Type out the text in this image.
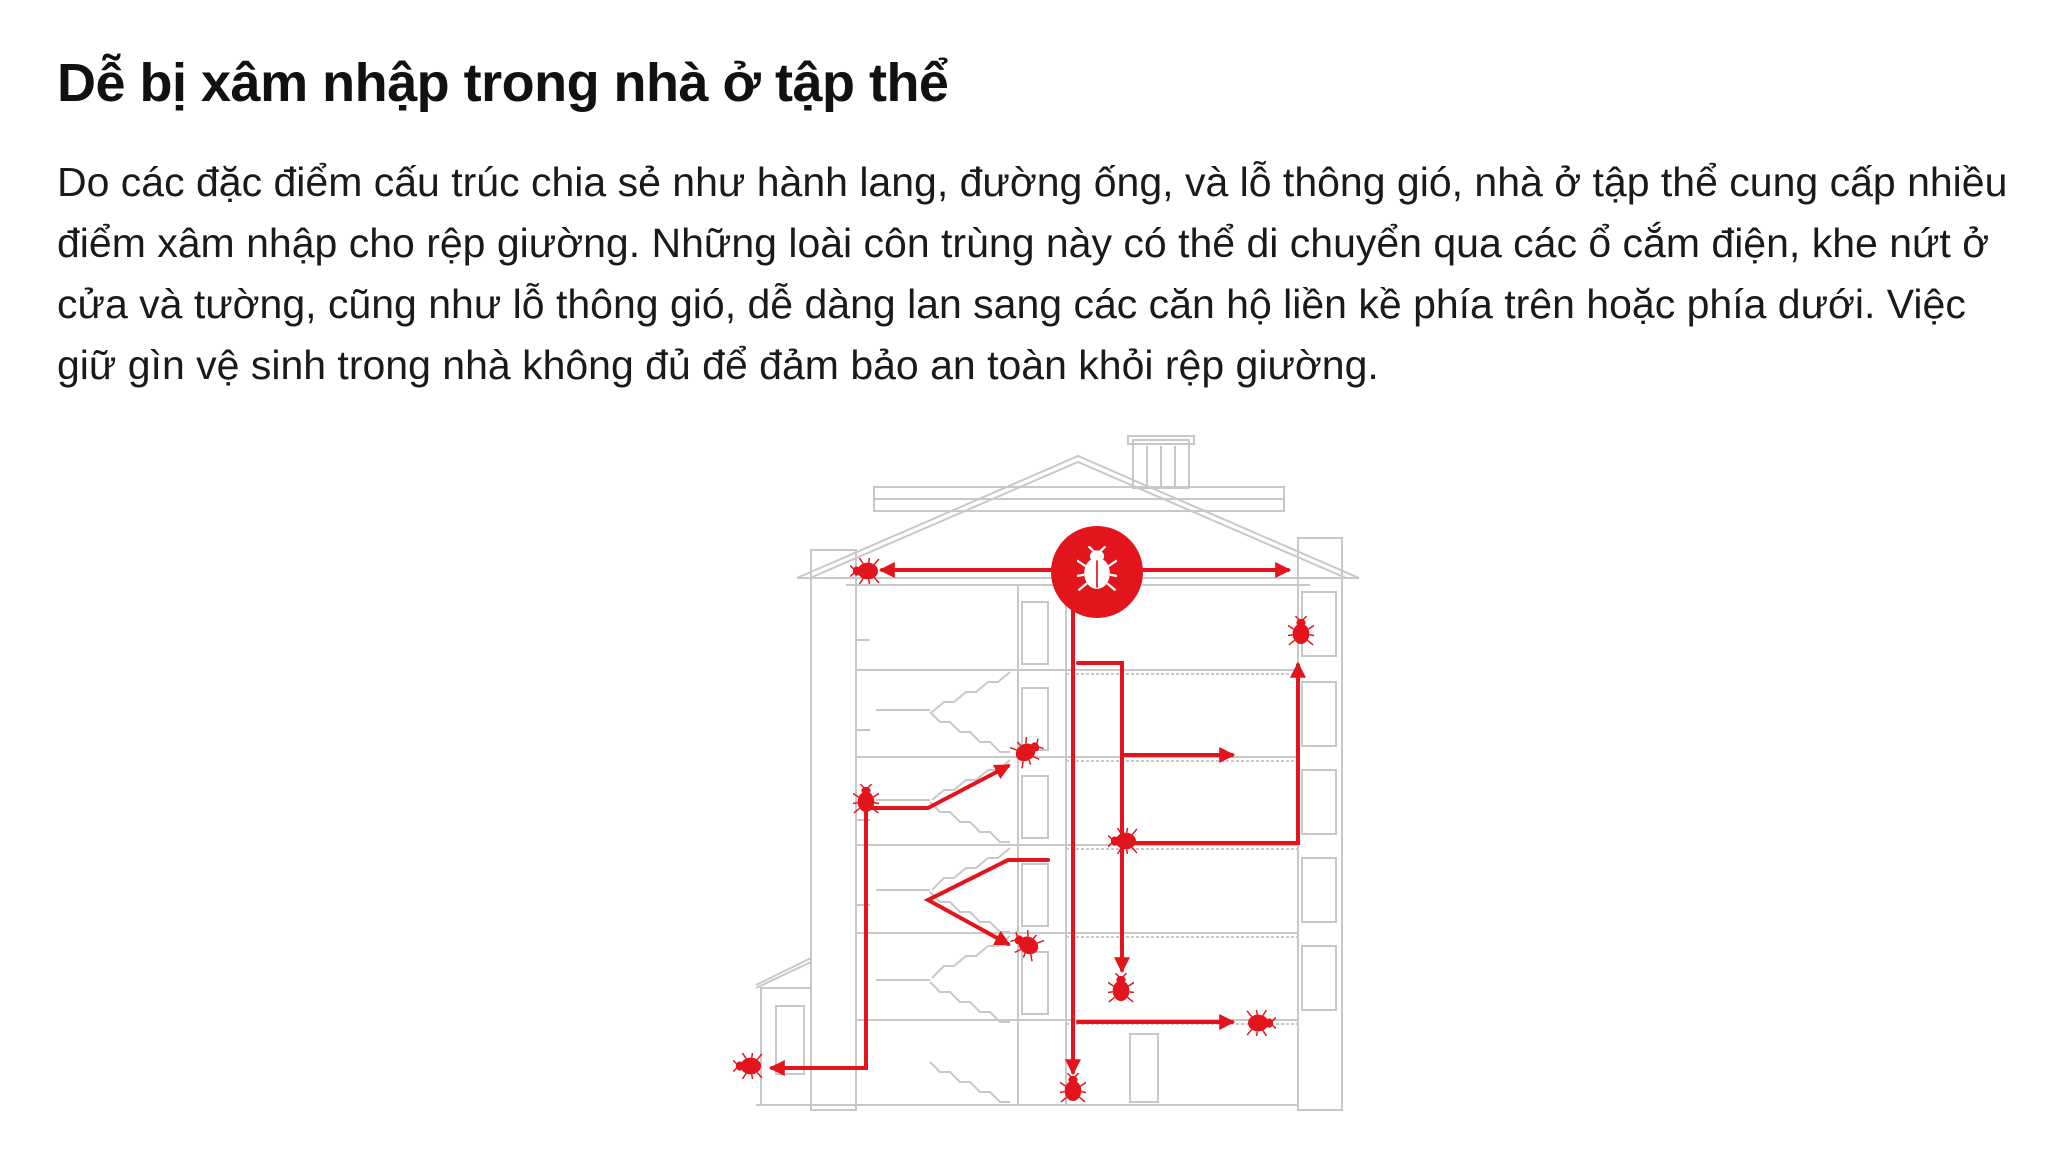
Dễ bị xâm nhập trong nhà ở tập thể

Do các đặc điểm cấu trúc chia sẻ như hành lang, đường ống, và lỗ thông gió, nhà ở tập thể cung cấp nhiều điểm xâm nhập cho rệp giường. Những loài côn trùng này có thể di chuyển qua các ổ cắm điện, khe nứt ở cửa và tường, cũng như lỗ thông gió, dễ dàng lan sang các căn hộ liền kề phía trên hoặc phía dưới. Việc giữ gìn vệ sinh trong nhà không đủ để đảm bảo an toàn khỏi rệp giường.
